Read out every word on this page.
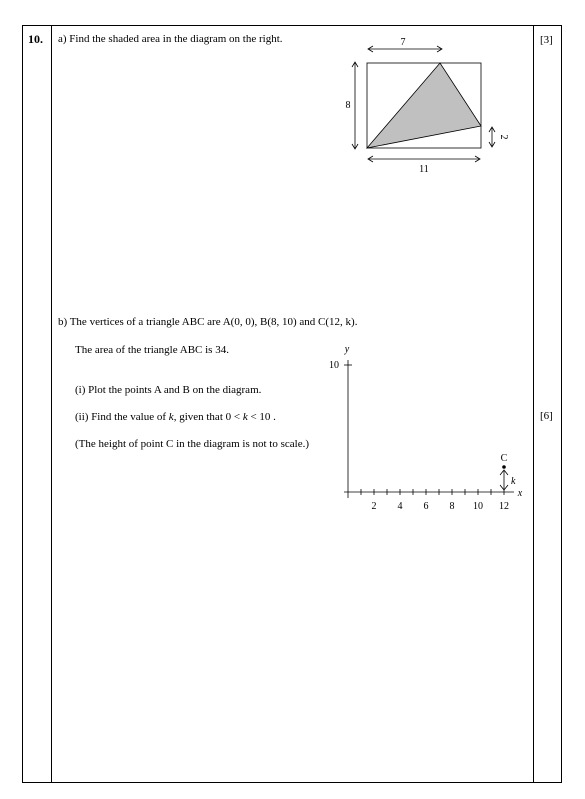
10. a) Find the shaded area in the diagram on the right.	[3]
7
8
2
11
b) The vertices of a triangle ABC are A(0, 0), B(8, 10) and C(12, k).
The area of the triangle ABC is 34.
(i) Plot the points A and B on the diagram.
(ii) Find the value of k, given that 0 < k < 10 .
(The height of point C in the diagram is not to scale.)
[6]
y
10
x
2 4 6 8 10 12
C
k
